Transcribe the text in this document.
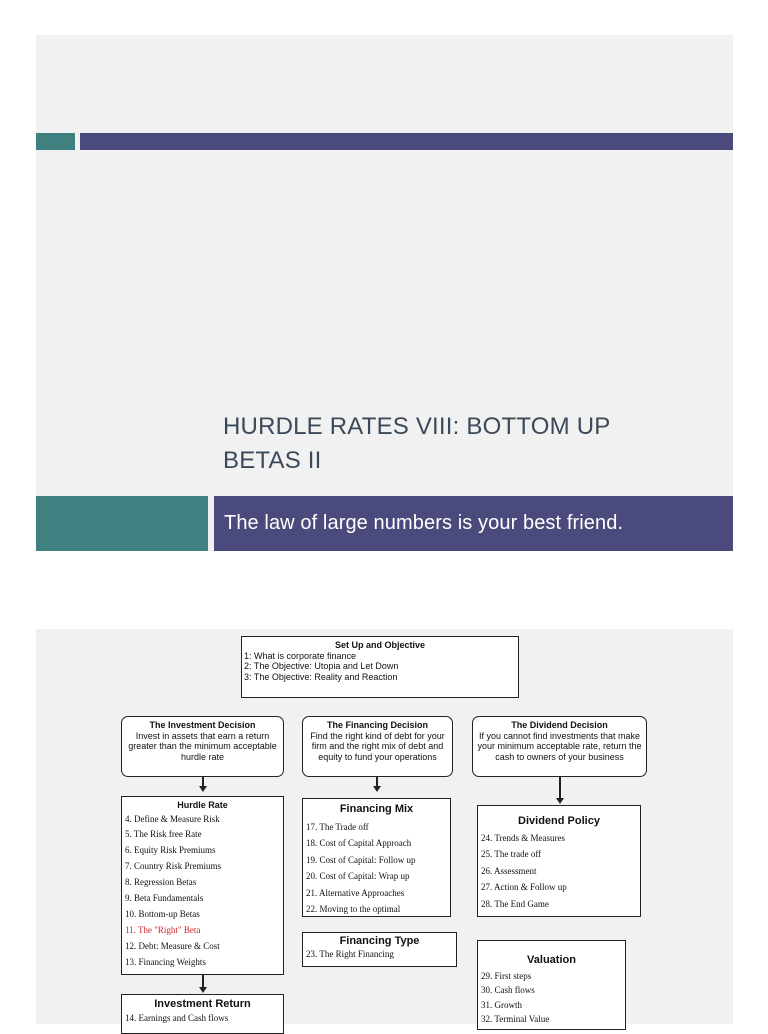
HURDLE RATES VIII: BOTTOM UP
BETAS II
The law of large numbers is your best friend.
Set Up and Objective
1: What is corporate finance
2: The Objective: Utopia and Let Down
3: The Objective: Reality and Reaction
The Investment Decision
Invest in assets that earn a return greater than the minimum acceptable hurdle rate
The Financing Decision
Find the right kind of debt for your firm and the right mix of debt and equity to fund your operations
The Dividend Decision
If you cannot find investments that make your minimum acceptable rate, return the cash to owners of your business
Hurdle Rate
4. Define & Measure Risk
5. The Risk free Rate
6. Equity Risk Premiums
7. Country Risk Premiums
8. Regression Betas
9. Beta Fundamentals
10. Bottom-up Betas
11. The "Right" Beta
12. Debt: Measure & Cost
13. Financing Weights
Financing Mix
17. The Trade off
18. Cost of Capital Approach
19. Cost of Capital: Follow up
20. Cost of Capital: Wrap up
21. Alternative Approaches
22. Moving to the optimal
Financing Type
23. The Right Financing
Dividend Policy
24. Trends & Measures
25. The trade off
26. Assessment
27. Action & Follow up
28. The End Game
Valuation
29. First steps
30. Cash flows
31. Growth
32. Terminal Value
Investment Return
14. Earnings and Cash flows
